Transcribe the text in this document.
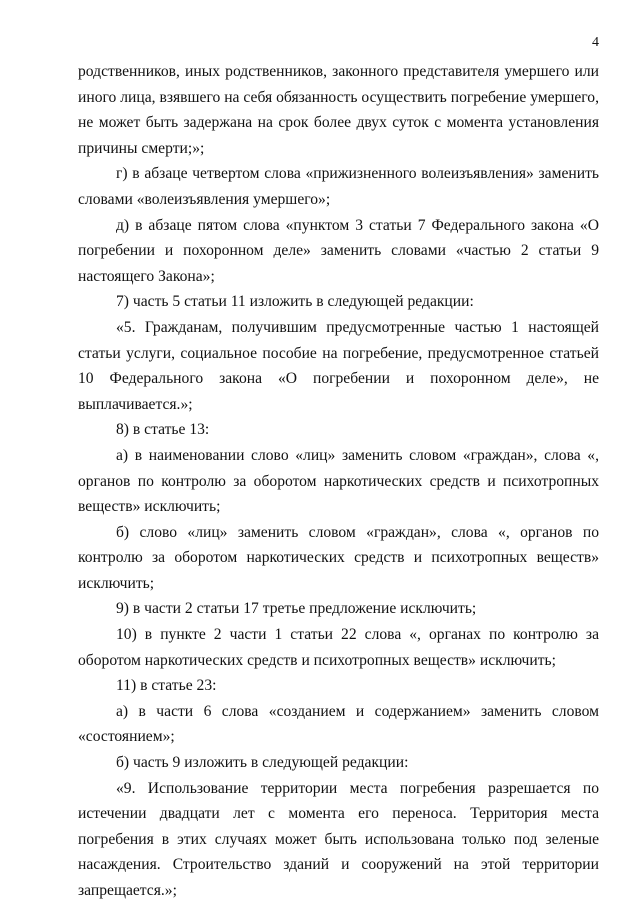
4

родственников, иных родственников, законного представителя умершего или иного лица, взявшего на себя обязанность осуществить погребение умершего, не может быть задержана на срок более двух суток с момента установления причины смерти;»;

г) в абзаце четвертом слова «прижизненного волеизъявления» заменить словами «волеизъявления умершего»;

д) в абзаце пятом слова «пунктом 3 статьи 7 Федерального закона «О погребении и похоронном деле» заменить словами «частью 2 статьи 9 настоящего Закона»;

7) часть 5 статьи 11 изложить в следующей редакции:

«5. Гражданам, получившим предусмотренные частью 1 настоящей статьи услуги, социальное пособие на погребение, предусмотренное статьей 10 Федерального закона «О погребении и похоронном деле», не выплачивается.»;

8) в статье 13:

а) в наименовании слово «лиц» заменить словом «граждан», слова «, органов по контролю за оборотом наркотических средств и психотропных веществ» исключить;

б) слово «лиц» заменить словом «граждан», слова «, органов по контролю за оборотом наркотических средств и психотропных веществ» исключить;

9) в части 2 статьи 17 третье предложение исключить;

10) в пункте 2 части 1 статьи 22 слова «, органах по контролю за оборотом наркотических средств и психотропных веществ» исключить;

11) в статье 23:

а) в части 6 слова «созданием и содержанием» заменить словом «состоянием»;

б) часть 9 изложить в следующей редакции:

«9. Использование территории места погребения разрешается по истечении двадцати лет с момента его переноса. Территория места погребения в этих случаях может быть использована только под зеленые насаждения. Строительство зданий и сооружений на этой территории запрещается.»;
